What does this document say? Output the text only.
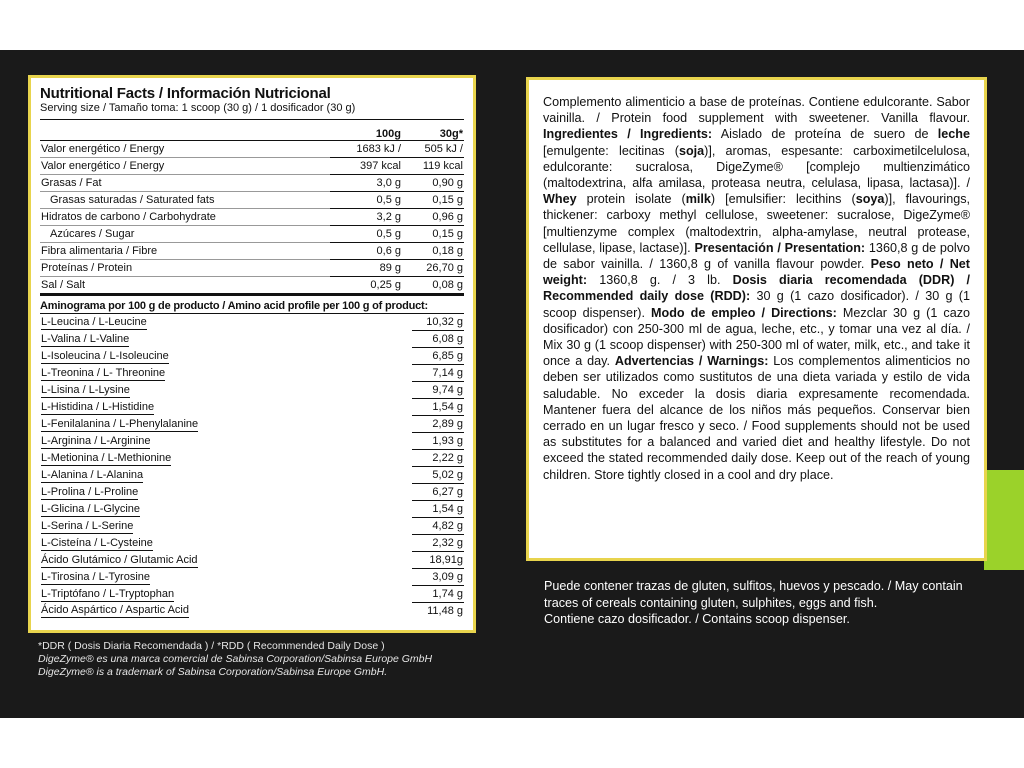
Nutritional Facts / Información Nutricional
Serving size / Tamaño toma: 1 scoop (30 g) / 1 dosificador (30 g)
	100g	30g*
Valor energético / Energy	1683 kJ /	505 kJ /
Valor energético / Energy	397 kcal	119 kcal
Grasas / Fat	3,0 g	0,90 g
Grasas saturadas / Saturated fats	0,5 g	0,15 g
Hidratos de carbono / Carbohydrate	3,2 g	0,96 g
Azúcares / Sugar	0,5 g	0,15 g
Fibra alimentaria / Fibre	0,6 g	0,18 g
Proteínas / Protein	89 g	26,70 g
Sal / Salt	0,25 g	0,08 g
Aminograma por 100 g de producto / Amino acid profile per 100 g of product:
L-Leucina / L-Leucine	10,32 g
L-Valina / L-Valine	6,08 g
L-Isoleucina / L-Isoleucine	6,85 g
L-Treonina / L- Threonine	7,14 g
L-Lisina / L-Lysine	9,74 g
L-Histidina / L-Histidine	1,54 g
L-Fenilalanina / L-Phenylalanine	2,89 g
L-Arginina / L-Arginine	1,93 g
L-Metionina / L-Methionine	2,22 g
L-Alanina / L-Alanina	5,02 g
L-Prolina / L-Proline	6,27 g
L-Glicina / L-Glycine	1,54 g
L-Serina / L-Serine	4,82 g
L-Cisteína / L-Cysteine	2,32 g
Ácido Glutámico / Glutamic Acid	18,91g
L-Tirosina / L-Tyrosine	3,09 g
L-Triptófano / L-Tryptophan	1,74 g
Ácido Aspártico / Aspartic Acid	11,48 g
*DDR ( Dosis Diaria Recomendada ) / *RDD ( Recommended Daily Dose )
DigeZyme® es una marca comercial de Sabinsa Corporation/Sabinsa Europe GmbH
DigeZyme® is a trademark of Sabinsa Corporation/Sabinsa Europe GmbH.
Complemento alimenticio a base de proteínas. Contiene edulcorante. Sabor vainilla. / Protein food supplement with sweetener. Vanilla flavour. Ingredientes / Ingredients: Aislado de proteína de suero de leche [emulgente: lecitinas (soja)], aromas, espesante: carboximetilcelulosa, edulcorante: sucralosa, DigeZyme® [complejo multienzimático (maltodextrina, alfa amilasa, proteasa neutra, celulasa, lipasa, lactasa)]. / Whey protein isolate (milk) [emulsifier: lecithins (soya)], flavourings, thickener: carboxy methyl cellulose, sweetener: sucralose, DigeZyme® [multienzyme complex (maltodextrin, alpha-amylase, neutral protease, cellulase, lipase, lactase)]. Presentación / Presentation: 1360,8 g de polvo de sabor vainilla. / 1360,8 g of vanilla flavour powder. Peso neto / Net weight: 1360,8 g. / 3 lb. Dosis diaria recomendada (DDR) / Recommended daily dose (RDD): 30 g (1 cazo dosificador). / 30 g (1 scoop dispenser). Modo de empleo / Directions: Mezclar 30 g (1 cazo dosificador) con 250-300 ml de agua, leche, etc., y tomar una vez al día. / Mix 30 g (1 scoop dispenser) with 250-300 ml of water, milk, etc., and take it once a day. Advertencias / Warnings: Los complementos alimenticios no deben ser utilizados como sustitutos de una dieta variada y estilo de vida saludable. No exceder la dosis diaria expresamente recomendada. Mantener fuera del alcance de los niños más pequeños. Conservar bien cerrado en un lugar fresco y seco. / Food supplements should not be used as substitutes for a balanced and varied diet and healthy lifestyle. Do not exceed the stated recommended daily dose. Keep out of the reach of young children. Store tightly closed in a cool and dry place.
Puede contener trazas de gluten, sulfitos, huevos y pescado. / May contain traces of cereals containing gluten, sulphites, eggs and fish.
Contiene cazo dosificador. / Contains scoop dispenser.
